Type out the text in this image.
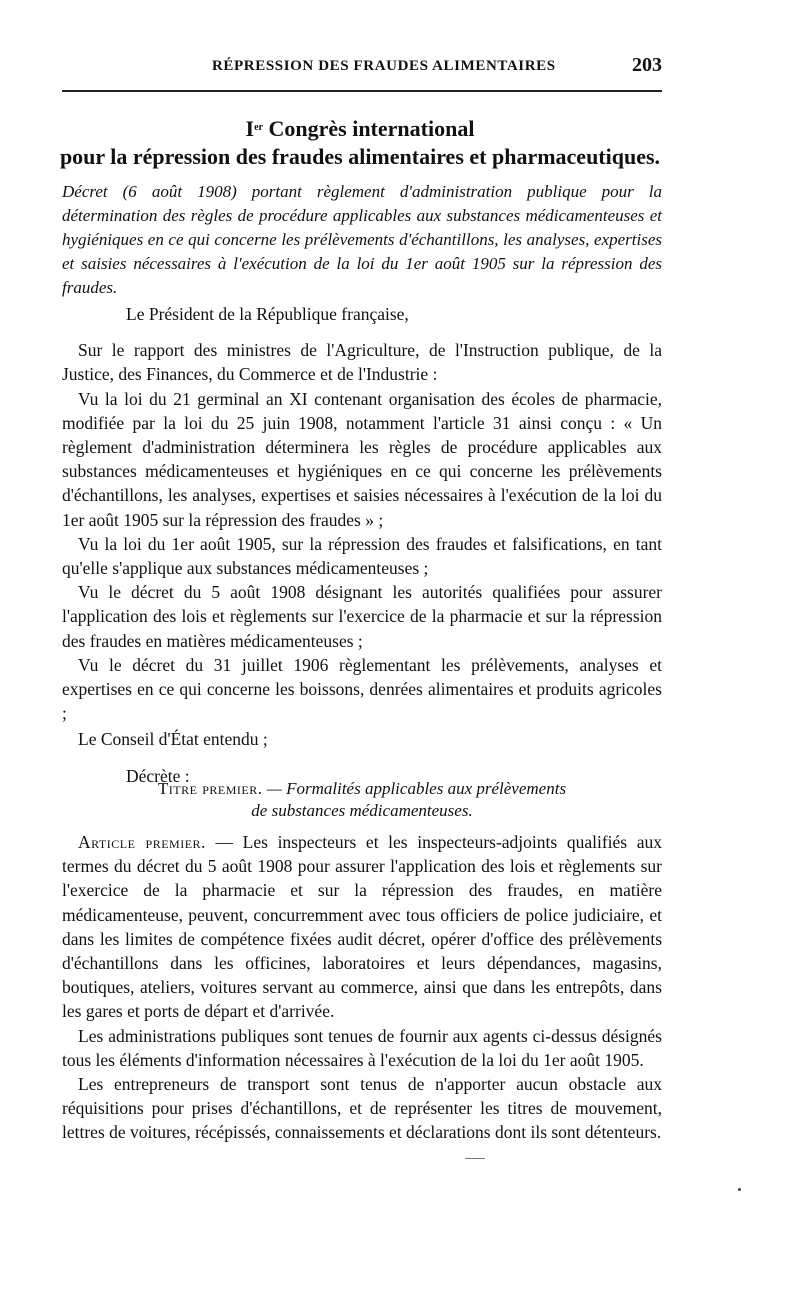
RÉPRESSION DES FRAUDES ALIMENTAIRES	203
Ier Congrès international
pour la répression des fraudes alimentaires et pharmaceutiques.
Décret (6 août 1908) portant règlement d'administration publique pour la détermination des règles de procédure applicables aux substances médicamenteuses et hygiéniques en ce qui concerne les prélèvements d'échantillons, les analyses, expertises et saisies nécessaires à l'exécution de la loi du 1er août 1905 sur la répression des fraudes.

Le Président de la République française,

Sur le rapport des ministres de l'Agriculture, de l'Instruction publique, de la Justice, des Finances, du Commerce et de l'Industrie :

Vu la loi du 21 germinal an XI contenant organisation des écoles de pharmacie, modifiée par la loi du 25 juin 1908, notamment l'article 31 ainsi conçu : « Un règlement d'administration déterminera les règles de procédure applicables aux substances médicamenteuses et hygiéniques en ce qui concerne les prélèvements d'échantillons, les analyses, expertises et saisies nécessaires à l'exécution de la loi du 1er août 1905 sur la répression des fraudes » ;

Vu la loi du 1er août 1905, sur la répression des fraudes et falsifications, en tant qu'elle s'applique aux substances médicamenteuses ;

Vu le décret du 5 août 1908 désignant les autorités qualifiées pour assurer l'application des lois et règlements sur l'exercice de la pharmacie et sur la répression des fraudes en matières médicamenteuses ;

Vu le décret du 31 juillet 1906 règlementant les prélèvements, analyses et expertises en ce qui concerne les boissons, denrées alimentaires et produits agricoles ;

Le Conseil d'État entendu ;

Décrète :

Titre premier. — Formalités applicables aux prélèvements
de substances médicamenteuses.

Article premier. — Les inspecteurs et les inspecteurs-adjoints qualifiés aux termes du décret du 5 août 1908 pour assurer l'application des lois et règlements sur l'exercice de la pharmacie et sur la répression des fraudes, en matière médicamenteuse, peuvent, concurremment avec tous officiers de police judiciaire, et dans les limites de compétence fixées audit décret, opérer d'office des prélèvements d'échantillons dans les officines, laboratoires et leurs dépendances, magasins, boutiques, ateliers, voitures servant au commerce, ainsi que dans les entrepôts, dans les gares et ports de départ et d'arrivée.

Les administrations publiques sont tenues de fournir aux agents ci-dessus désignés tous les éléments d'information nécessaires à l'exécution de la loi du 1er août 1905.

Les entrepreneurs de transport sont tenus de n'apporter aucun obstacle aux réquisitions pour prises d'échantillons, et de représenter les titres de mouvement, lettres de voitures, récépissés, connaissements et déclarations dont ils sont détenteurs.
